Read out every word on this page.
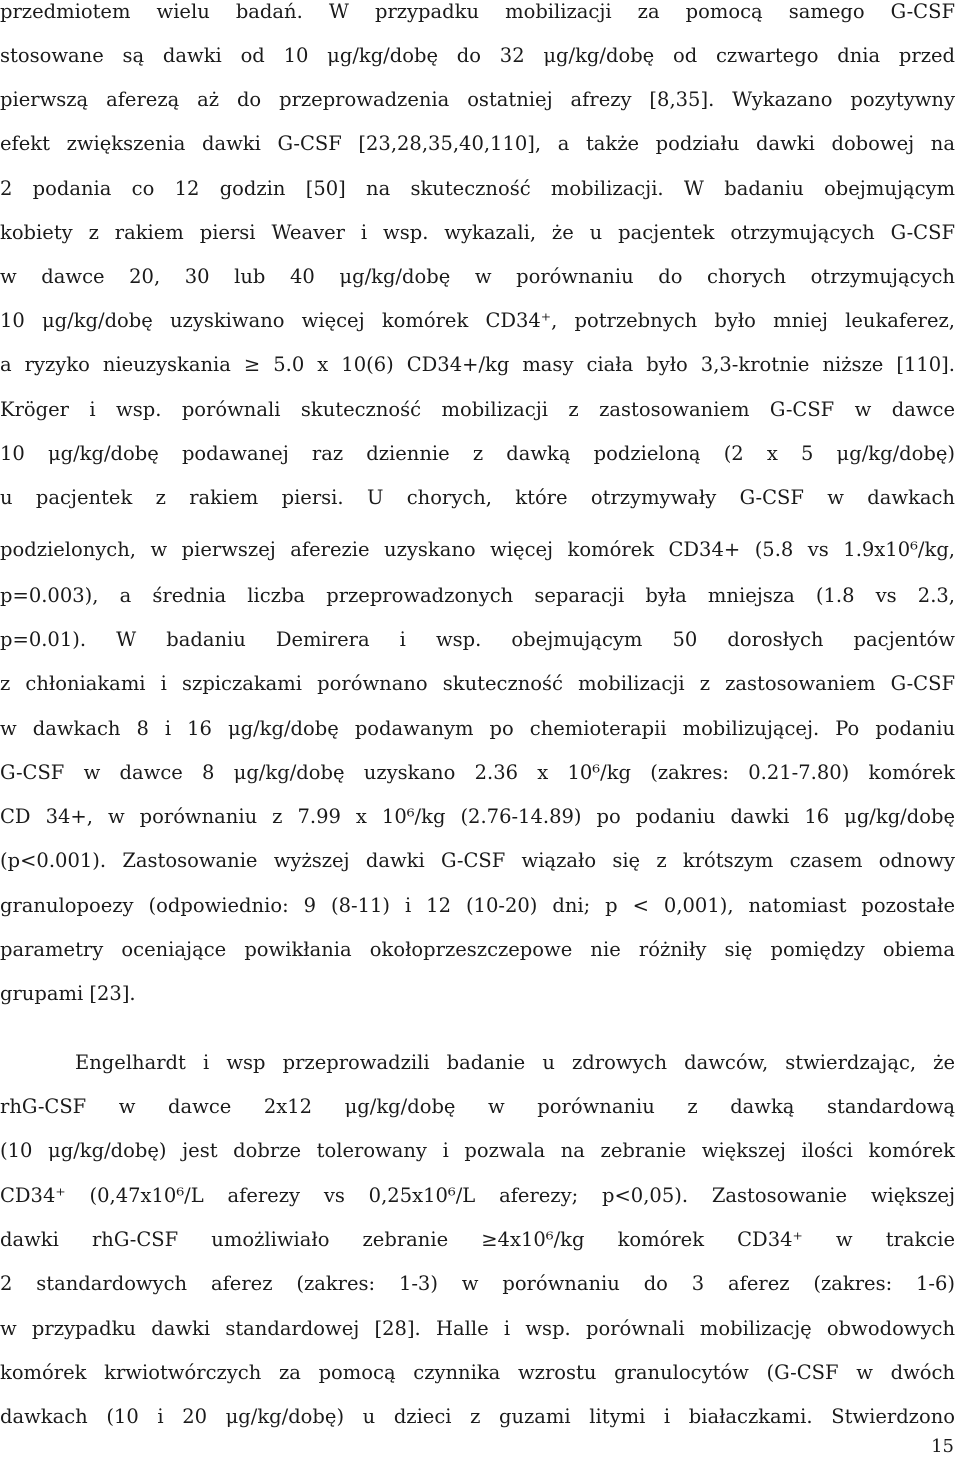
przedmiotem wielu badań. W przypadku mobilizacji za pomocą samego G-CSF
stosowane są dawki od 10 μg/kg/dobę do 32 μg/kg/dobę od czwartego dnia przed
pierwszą aferezą aż do przeprowadzenia ostatniej afrezy [8,35]. Wykazano pozytywny
efekt zwiększenia dawki G-CSF [23,28,35,40,110], a także podziału dawki dobowej na
2 podania co 12 godzin [50] na skuteczność mobilizacji. W badaniu obejmującym
kobiety z rakiem piersi Weaver i wsp. wykazali, że u pacjentek otrzymujących G-CSF
w dawce 20, 30 lub 40 μg/kg/dobę w porównaniu do chorych otrzymujących
10 μg/kg/dobę uzyskiwano więcej komórek CD34⁺, potrzebnych było mniej leukaferez,
a ryzyko nieuzyskania ≥ 5.0 x 10(6) CD34+/kg masy ciała było 3,3-krotnie niższe [110].
Kröger i wsp. porównali skuteczność mobilizacji z zastosowaniem G-CSF w dawce
10 μg/kg/dobę podawanej raz dziennie z dawką podzieloną (2 x 5 μg/kg/dobę)
u pacjentek z rakiem piersi. U chorych, które otrzymywały G-CSF w dawkach
podzielonych, w pierwszej aferezie uzyskano więcej komórek CD34+ (5.8 vs 1.9x10⁶/kg,
p=0.003), a średnia liczba przeprowadzonych separacji była mniejsza (1.8 vs 2.3,
p=0.01). W badaniu Demirera i wsp. obejmującym 50 dorosłych pacjentów
z chłoniakami i szpiczakami porównano skuteczność mobilizacji z zastosowaniem G-CSF
w dawkach 8 i 16 μg/kg/dobę podawanym po chemioterapii mobilizującej. Po podaniu
G-CSF w dawce 8 μg/kg/dobę uzyskano 2.36 x 10⁶/kg (zakres: 0.21-7.80) komórek
CD 34+, w porównaniu z 7.99 x 10⁶/kg (2.76-14.89) po podaniu dawki 16 μg/kg/dobę
(p<0.001). Zastosowanie wyższej dawki G-CSF wiązało się z krótszym czasem odnowy
granulopoezy (odpowiednio: 9 (8-11) i 12 (10-20) dni; p < 0,001), natomiast pozostałe
parametry oceniające powikłania okołoprzeszczepowe nie różniły się pomiędzy obiema
grupami [23].
Engelhardt i wsp przeprowadzili badanie u zdrowych dawców, stwierdzając, że
rhG-CSF w dawce 2x12 μg/kg/dobę w porównaniu z dawką standardową
(10 μg/kg/dobę) jest dobrze tolerowany i pozwala na zebranie większej ilości komórek
CD34⁺ (0,47x10⁶/L aferezy vs 0,25x10⁶/L aferezy; p<0,05). Zastosowanie większej
dawki rhG-CSF umożliwiało zebranie ≥4x10⁶/kg komórek CD34⁺ w trakcie
2 standardowych aferez (zakres: 1-3) w porównaniu do 3 aferez (zakres: 1-6)
w przypadku dawki standardowej [28]. Halle i wsp. porównali mobilizację obwodowych
komórek krwiotwórczych za pomocą czynnika wzrostu granulocytów (G-CSF w dwóch
dawkach (10 i 20 μg/kg/dobę) u dzieci z guzami litymi i białaczkami. Stwierdzono
15
